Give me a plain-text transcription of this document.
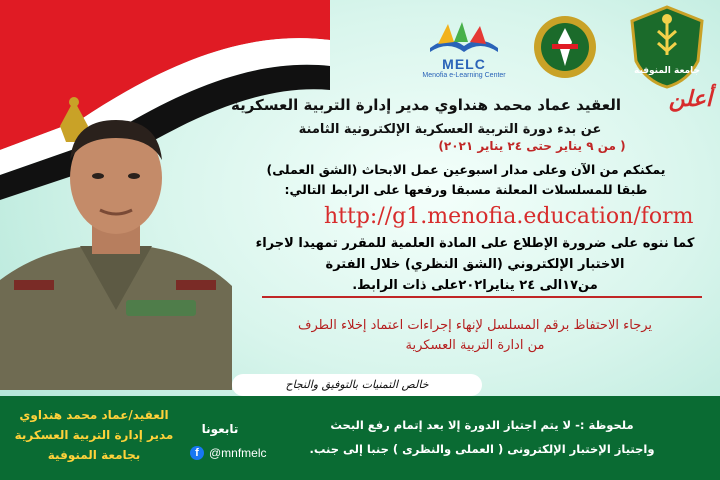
MELC
Menofia e-Learning Center	جامعة المنوفية
أعلن
العقيد عماد محمد هنداوي مدير إدارة التربية العسكرية
عن بدء دورة التربية العسكرية الإلكترونية الثامنة
( من ٩ يناير حتى ٢٤ يناير ٢٠٢١)
يمكنكم من الآن وعلى مدار اسبوعين عمل الابحاث (الشق العملى)
طبقا للمسلسلات المعلنة مسبقا ورفعها على الرابط التالي:
http://g1.menofia.education/form
كما ننوه على ضرورة الإطلاع على المادة العلمية للمقرر تمهيدا لاجراء
الاختبار الإلكتروني (الشق النظري) خلال الفترة
من١٧الى ٢٤ ينايرا٢٠٢على ذات الرابط.
يرجاء الاحتفاظ برقم المسلسل لإنهاء إجراءات اعتماد إخلاء الطرف
من ادارة التربية العسكرية
خالص التمنيات بالتوفيق والنجاح
العقيد/عماد محمد هنداوي
مدير إدارة التربية العسكرية
بجامعة المنوفية
تابعونا
f @mnfmelc
ملحوظة :- لا يتم اجتياز الدورة إلا بعد إتمام رفع البحث
واجتياز الإختبار الإلكترونى ( العملى والنظرى ) جنبا إلى جنب.
